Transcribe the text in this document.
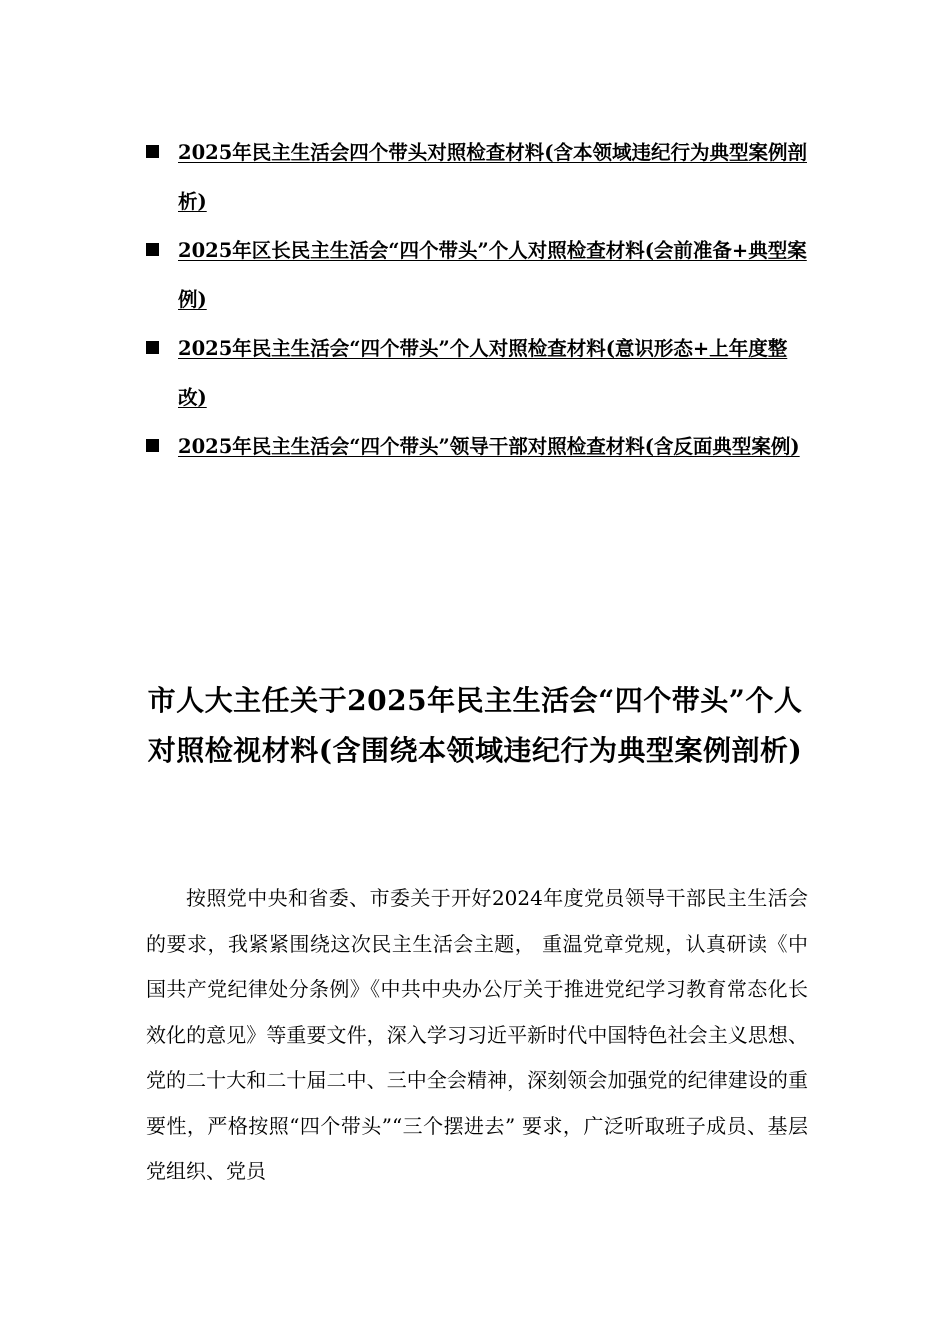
2025年民主生活会四个带头对照检查材料(含本领域违纪行为典型案例剖析)
2025年区长民主生活会“四个带头”个人对照检查材料(会前准备+典型案例)
2025年民主生活会“四个带头”个人对照检查材料(意识形态+上年度整改)
2025年民主生活会“四个带头”领导干部对照检查材料(含反面典型案例)
市人大主任关于2025年民主生活会“四个带头”个人对照检视材料(含围绕本领域违纪行为典型案例剖析)

按照党中央和省委、市委关于开好2024年度党员领导干部民主生活会的要求，我紧紧围绕这次民主生活会主题， 重温党章党规，认真研读《中国共产党纪律处分条例》《中共中央办公厅关于推进党纪学习教育常态化长效化的意见》等重要文件，深入学习习近平新时代中国特色社会主义思想、 党的二十大和二十届二中、三中全会精神，深刻领会加强党的纪律建设的重要性，严格按照“四个带头”“三个摆进去” 要求，广泛听取班子成员、基层党组织、党员
